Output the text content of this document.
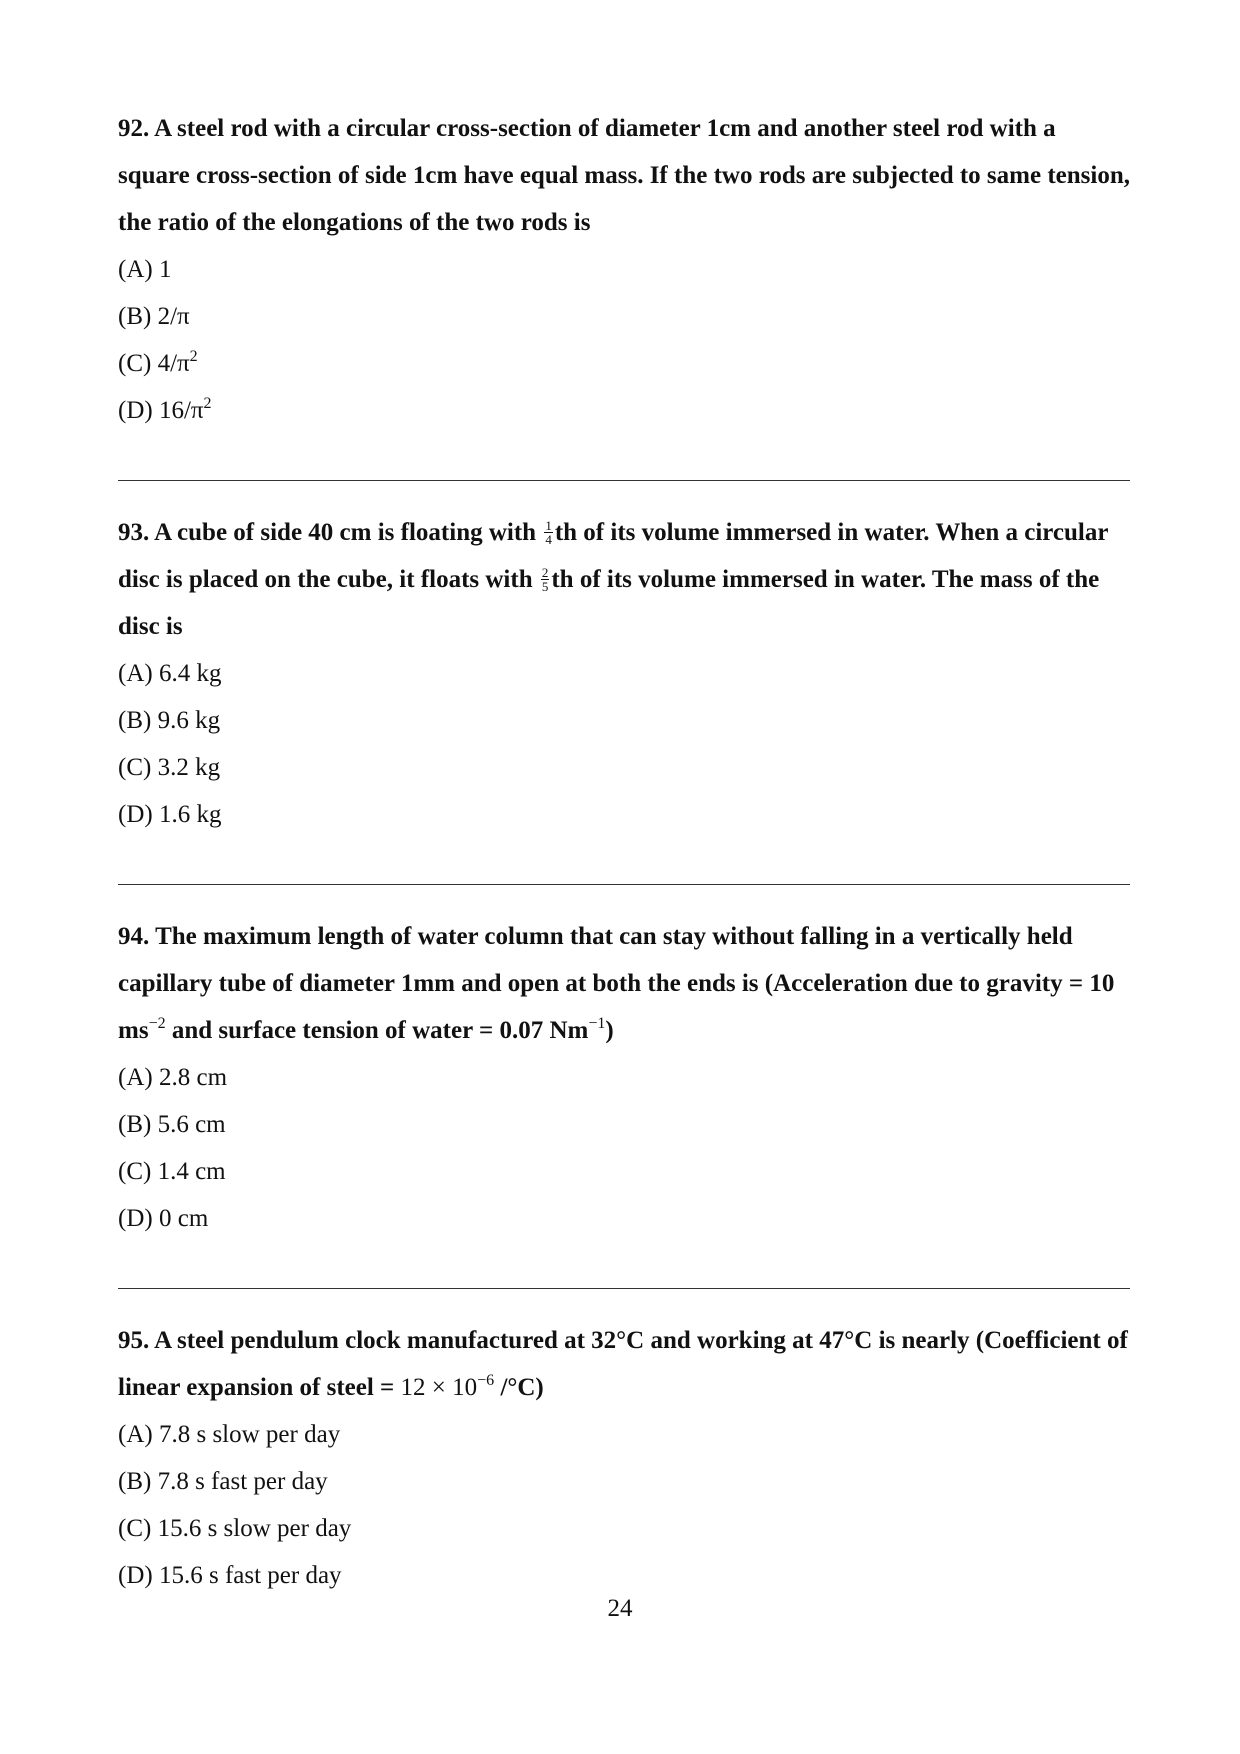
92. A steel rod with a circular cross-section of diameter 1cm and another steel rod with a square cross-section of side 1cm have equal mass. If the two rods are subjected to same tension, the ratio of the elongations of the two rods is

(A) 1

(B) 2/π

(C) $4/\pi^2$

(D) $16/\pi^2$

93. A cube of side 40 cm is floating with $\frac{1}{4}$ th of its volume immersed in water. When a circular disc is placed on the cube, it floats with $\frac{2}{5}$ th of its volume immersed in water. The mass of the disc is

(A) 6.4 kg

(B) 9.6 kg

(C) 3.2 kg

(D) 1.6 kg

94. The maximum length of water column that can stay without falling in a vertically held capillary tube of diameter 1mm and open at both the ends is (Acceleration due to gravity = 10 $ms^{-2}$ and surface tension of water = 0.07 $Nm^{-1}$)

(A) 2.8 cm

(B) 5.6 cm

(C) 1.4 cm

(D) 0 cm

95. A steel pendulum clock manufactured at 32°C and working at 47°C is nearly (Coefficient of linear expansion of steel = $12 \times 10^{-6}$ /°C)

(A) 7.8 s slow per day

(B) 7.8 s fast per day

(C) 15.6 s slow per day

(D) 15.6 s fast per day

24
